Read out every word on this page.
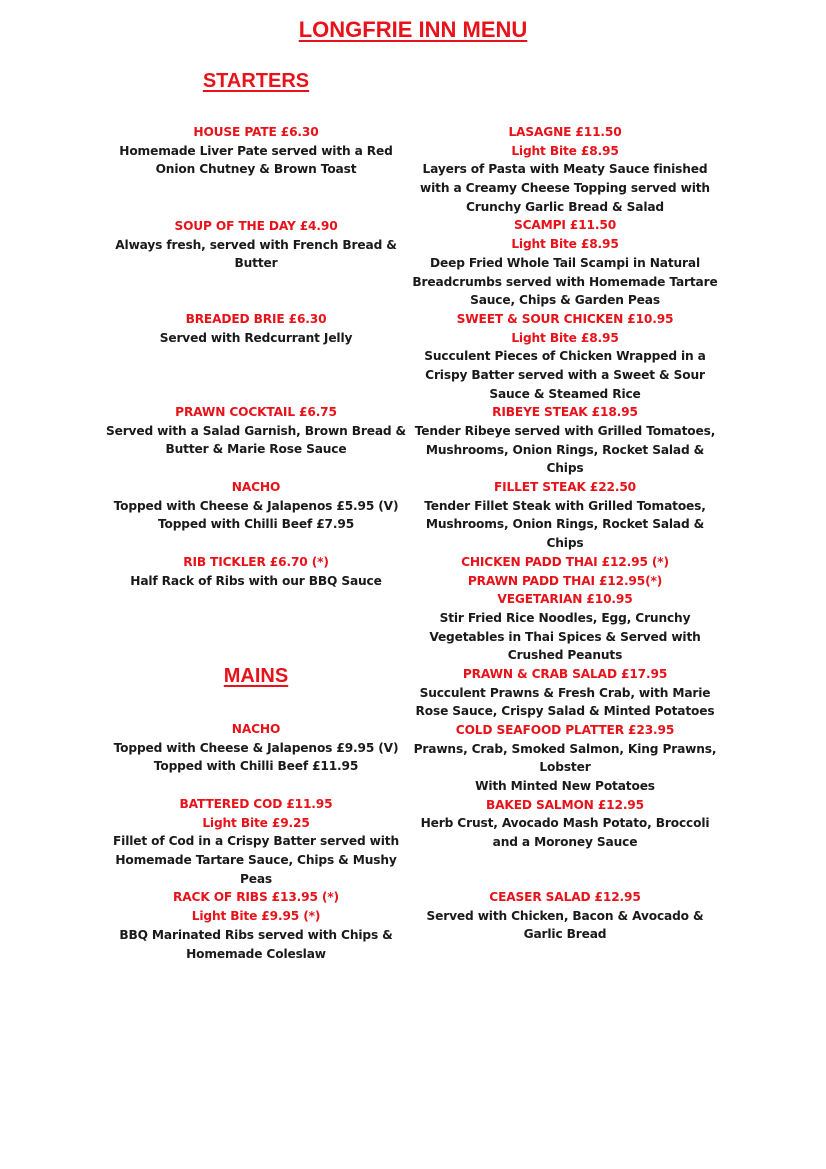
LONGFRIE INN MENU
STARTERS
MAINS
HOUSE PATE £6.30
Homemade Liver Pate served with a Red
Onion Chutney & Brown Toast
SOUP OF THE DAY £4.90
Always fresh, served with French Bread &
Butter
BREADED BRIE £6.30
Served with Redcurrant Jelly
PRAWN COCKTAIL £6.75
Served with a Salad Garnish, Brown Bread &
Butter & Marie Rose Sauce
NACHO
Topped with Cheese & Jalapenos £5.95 (V)
Topped with Chilli Beef £7.95
RIB TICKLER £6.70 (*)
Half Rack of Ribs with our BBQ Sauce
NACHO
Topped with Cheese & Jalapenos £9.95 (V)
Topped with Chilli Beef £11.95
BATTERED COD £11.95
Light Bite £9.25
Fillet of Cod in a Crispy Batter served with
Homemade Tartare Sauce, Chips & Mushy
Peas
RACK OF RIBS £13.95 (*)
Light Bite £9.95 (*)
BBQ Marinated Ribs served with Chips &
Homemade Coleslaw
LASAGNE £11.50
Light Bite £8.95
Layers of Pasta with Meaty Sauce finished
with a Creamy Cheese Topping served with
Crunchy Garlic Bread & Salad
SCAMPI £11.50
Light Bite £8.95
Deep Fried Whole Tail Scampi in Natural
Breadcrumbs served with Homemade Tartare
Sauce, Chips & Garden Peas
SWEET & SOUR CHICKEN £10.95
Light Bite £8.95
Succulent Pieces of Chicken Wrapped in a
Crispy Batter served with a Sweet & Sour
Sauce & Steamed Rice
RIBEYE STEAK £18.95
Tender Ribeye served with Grilled Tomatoes,
Mushrooms, Onion Rings, Rocket Salad &
Chips
FILLET STEAK £22.50
Tender Fillet Steak with Grilled Tomatoes,
Mushrooms, Onion Rings, Rocket Salad &
Chips
CHICKEN PADD THAI £12.95 (*)
PRAWN PADD THAI £12.95(*)
VEGETARIAN £10.95
Stir Fried Rice Noodles, Egg, Crunchy
Vegetables in Thai Spices & Served with
Crushed Peanuts
PRAWN & CRAB SALAD £17.95
Succulent Prawns & Fresh Crab, with Marie
Rose Sauce, Crispy Salad & Minted Potatoes
COLD SEAFOOD PLATTER £23.95
Prawns, Crab, Smoked Salmon, King Prawns,
Lobster
With Minted New Potatoes
BAKED SALMON £12.95
Herb Crust, Avocado Mash Potato, Broccoli
and a Moroney Sauce
CEASER SALAD £12.95
Served with Chicken, Bacon & Avocado &
Garlic Bread
